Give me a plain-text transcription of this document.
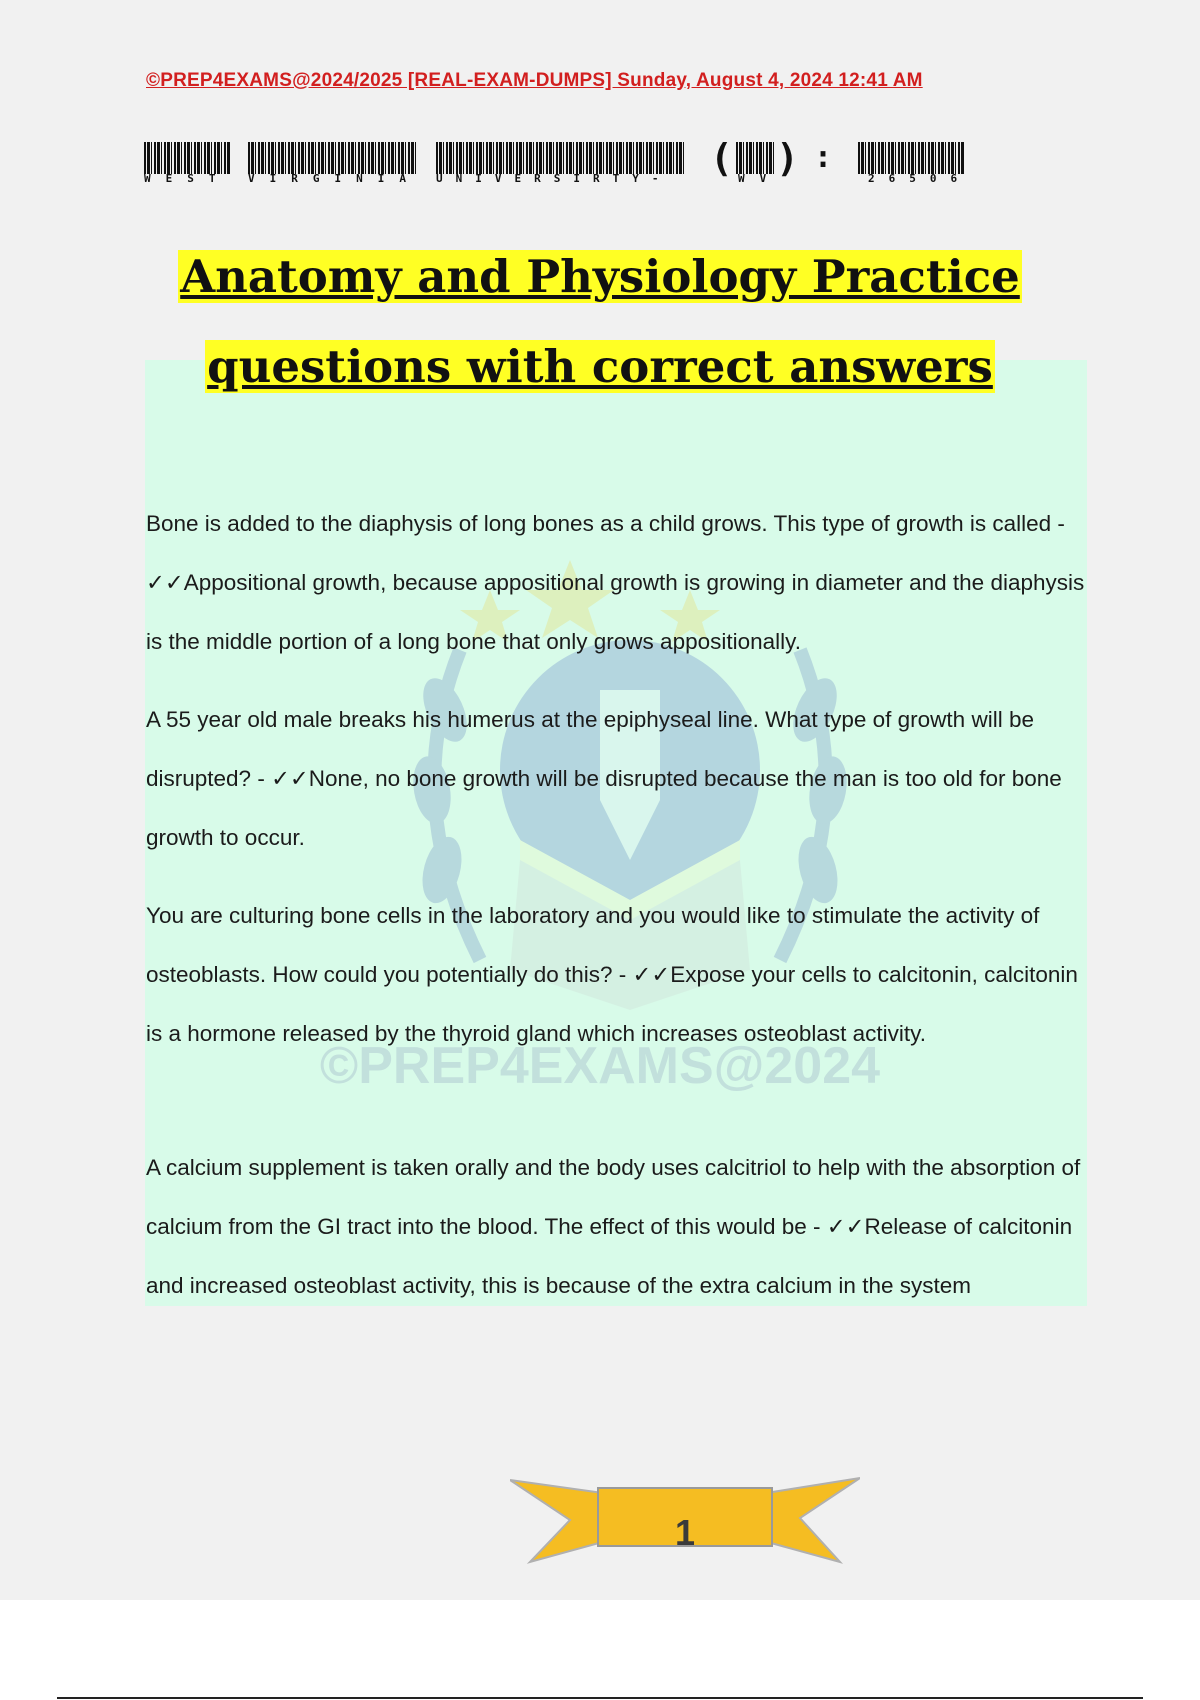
©PREP4EXAMS@2024/2025 [REAL-EXAM-DUMPS] Sunday, August 4, 2024 12:41 AM
WEST VIRGINIA UNIVERSIRTY- ( WV
) :
26506
Anatomy and Physiology Practice
questions with correct answers
©PREP4EXAMS@2024

Bone is added to the diaphysis of long bones as a child grows. This type of growth is called - ✓✓Appositional growth, because appositional growth is growing in diameter and the diaphysis is the middle portion of a long bone that only grows appositionally.

A 55 year old male breaks his humerus at the epiphyseal line. What type of growth will be disrupted? - ✓✓None, no bone growth will be disrupted because the man is too old for bone growth to occur.

You are culturing bone cells in the laboratory and you would like to stimulate the activity of osteoblasts. How could you potentially do this? - ✓✓Expose your cells to calcitonin, calcitonin is a hormone released by the thyroid gland which increases osteoblast activity.

A calcium supplement is taken orally and the body uses calcitriol to help with the absorption of calcium from the GI tract into the blood. The effect of this would be - ✓✓Release of calcitonin and increased osteoblast activity, this is because of the extra calcium in the system

1
